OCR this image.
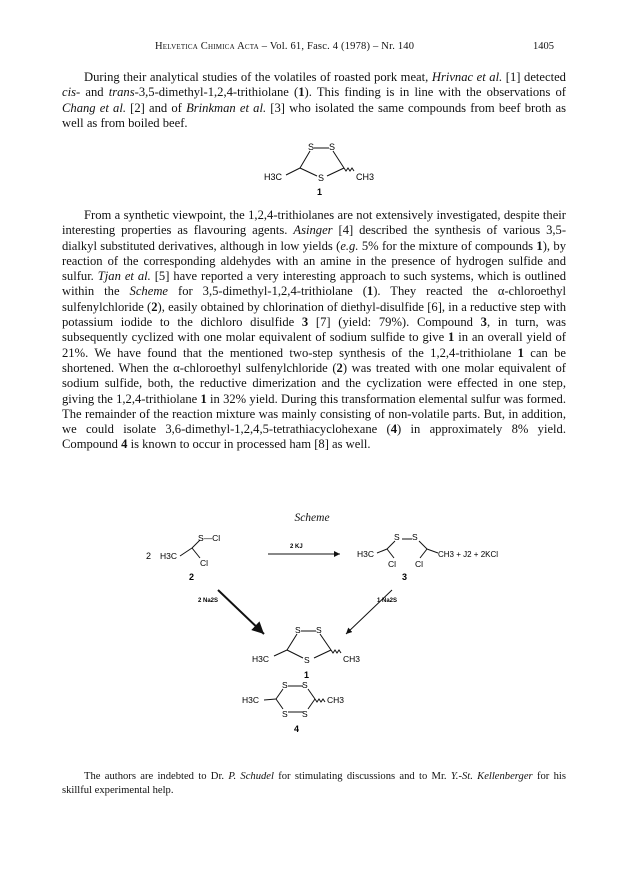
Helvetica Chimica Acta – Vol. 61, Fasc. 4 (1978) – Nr. 140	1405

During their analytical studies of the volatiles of roasted pork meat, Hrivnac et al. [1] detected cis- and trans-3,5-dimethyl-1,2,4-trithiolane (1). This finding is in line with the observations of Chang et al. [2] and of Brinkman et al. [3] who isolated the same compounds from beef broth as well as from boiled beef.

S S
S
H3C	CH3
1

From a synthetic viewpoint, the 1,2,4-trithiolanes are not extensively investigated, despite their interesting properties as flavouring agents. Asinger [4] described the synthesis of various 3,5-dialkyl substituted derivatives, although in low yields (e.g. 5% for the mixture of compounds 1), by reaction of the corresponding aldehydes with an amine in the presence of hydrogen sulfide and sulfur. Tjan et al. [5] have reported a very interesting approach to such systems, which is outlined within the Scheme for 3,5-dimethyl-1,2,4-trithiolane (1). They reacted the α-chloroethyl sulfenylchloride (2), easily obtained by chlorination of diethyl-disulfide [6], in a reductive step with potassium iodide to the dichloro disulfide 3 [7] (yield: 79%). Compound 3, in turn, was subsequently cyclized with one molar equivalent of sodium sulfide to give 1 in an overall yield of 21%. We have found that the mentioned two-step synthesis of the 1,2,4-trithiolane 1 can be shortened. When the α-chloroethyl sulfenylchloride (2) was treated with one molar equivalent of sodium sulfide, both, the reductive dimerization and the cyclization were effected in one step, giving the 1,2,4-trithiolane 1 in 32% yield. During this transformation elemental sulfur was formed. The remainder of the reaction mixture was mainly consisting of non-volatile parts. But, in addition, we could isolate 3,6-dimethyl-1,2,4,5-tetrathiacyclohexane (4) in approximately 8% yield. Compound 4 is known to occur in processed ham [8] as well.

Scheme
2 H3C
S—Cl
Cl
2
2 KJ
H3C
S S
CH3 + J2 + 2KCl
Cl Cl
3
2 Na2S	1 Na2S
S S
S
H3C	CH3
1
S S
S S
H3C	CH3
4

The authors are indebted to Dr. P. Schudel for stimulating discussions and to Mr. Y.-St. Kellenberger for his skillful experimental help.
